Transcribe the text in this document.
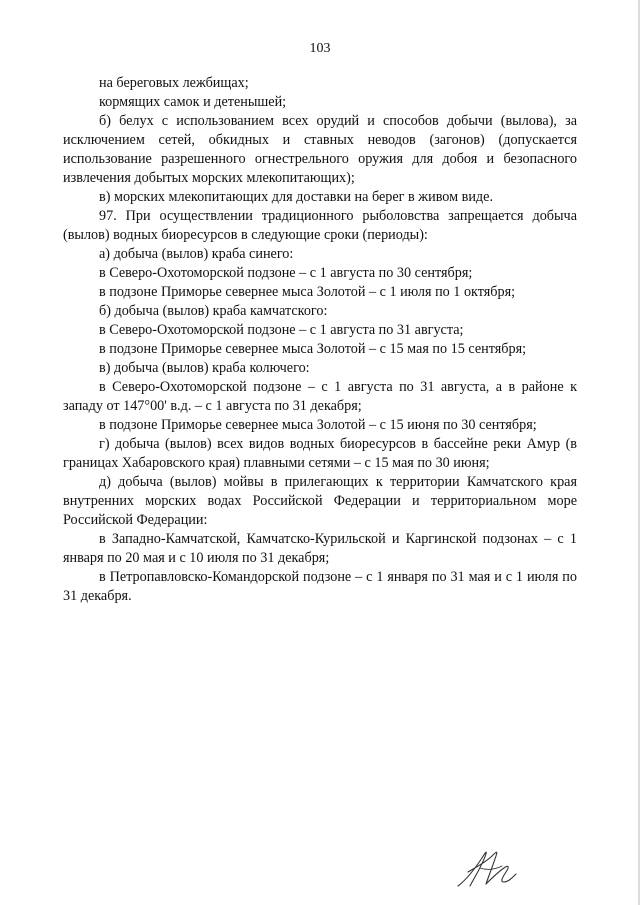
103

на береговых лежбищах;

кормящих самок и детенышей;

б) белух с использованием всех орудий и способов добычи (вылова), за исключением сетей, обкидных и ставных неводов (загонов) (допускается использование разрешенного огнестрельного оружия для добоя и безопасного извлечения добытых морских млекопитающих);

в) морских млекопитающих для доставки на берег в живом виде.

97. При осуществлении традиционного рыболовства запрещается добыча (вылов) водных биоресурсов в следующие сроки (периоды):

а) добыча (вылов) краба синего:

в Северо-Охотоморской подзоне – с 1 августа по 30 сентября;

в подзоне Приморье севернее мыса Золотой – с 1 июля по 1 октября;

б) добыча (вылов) краба камчатского:

в Северо-Охотоморской подзоне – с 1 августа по 31 августа;

в подзоне Приморье севернее мыса Золотой – с 15 мая по 15 сентября;

в) добыча (вылов) краба колючего:

в Северо-Охотоморской подзоне – с 1 августа по 31 августа, а в районе к западу от 147°00' в.д. – с 1 августа по 31 декабря;

в подзоне Приморье севернее мыса Золотой – с 15 июня по 30 сентября;

г) добыча (вылов) всех видов водных биоресурсов в бассейне реки Амур (в границах Хабаровского края) плавными сетями – с 15 мая по 30 июня;

д) добыча (вылов) мойвы в прилегающих к территории Камчатского края внутренних морских водах Российской Федерации и территориальном море Российской Федерации:

в Западно-Камчатской, Камчатско-Курильской и Каргинской подзонах – с 1 января по 20 мая и с 10 июля по 31 декабря;

в Петропавловско-Командорской подзоне – с 1 января по 31 мая и с 1 июля по 31 декабря.
